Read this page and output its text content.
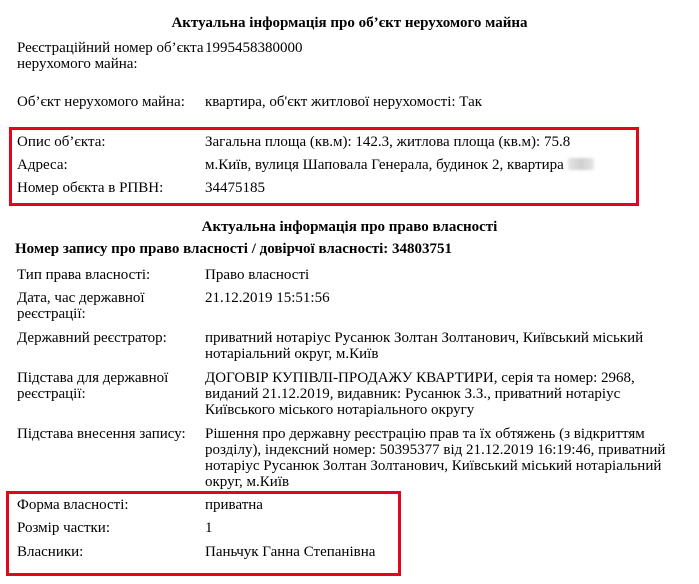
Актуальна інформація про об’єкт нерухомого майна
Реєстраційний номер об’єкта нерухомого майна:
1995458380000
Об’єкт нерухомого майна:	квартира, об'єкт житлової нерухомості: Так
Опис об’єкта:	Загальна площа (кв.м): 142.3, житлова площа (кв.м): 75.8
Адреса:	м.Київ, вулиця Шаповала Генерала, будинок 2, квартира
Номер обєкта в РПВН:	34475185
Актуальна інформація про право власності
Номер запису про право власності / довірчої власності: 34803751
Тип права власності:	Право власності
Дата, час державної реєстрації:
21.12.2019 15:51:56
Державний реєстратор:	приватний нотаріус Русанюк Золтан Золтанович, Київський міський нотаріальний округ, м.Київ
Підстава для державної реєстрації:
ДОГОВІР КУПІВЛІ-ПРОДАЖУ КВАРТИРИ, серія та номер: 2968, виданий 21.12.2019, видавник: Русанюк З.З., приватний нотаріус Київського міського нотаріального округу
Підстава внесення запису:	Рішення про державну реєстрацію прав та їх обтяжень (з відкриттям розділу), індексний номер: 50395377 від 21.12.2019 16:19:46, приватний нотаріус Русанюк Золтан Золтанович, Київський міський нотаріальний округ, м.Київ
Форма власності:	приватна
Розмір частки:	1
Власники:	Паньчук Ганна Степанівна
